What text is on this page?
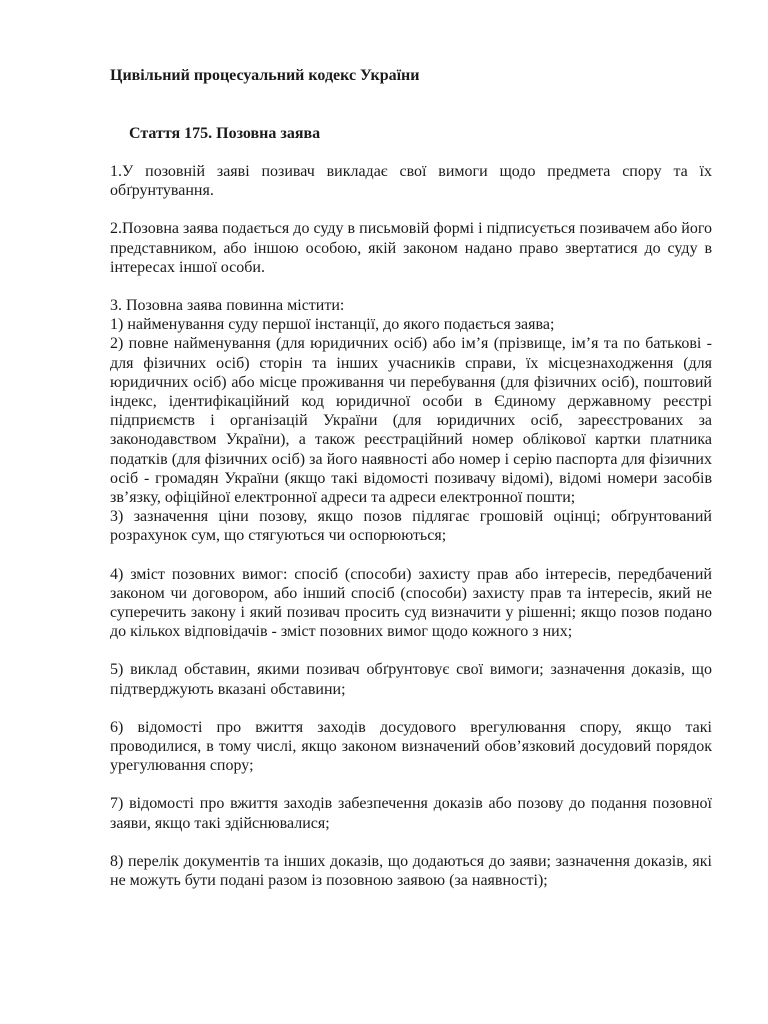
Цивільний процесуальний кодекс України

Стаття 175. Позовна заява

1.У позовній заяві позивач викладає свої вимоги щодо предмета спору та їх обґрунтування.

2.Позовна заява подається до суду в письмовій формі і підписується позивачем або його представником, або іншою особою, якій законом надано право звертатися до суду в інтересах іншої особи.

3. Позовна заява повинна містити:

1) найменування суду першої інстанції, до якого подається заява;

2) повне найменування (для юридичних осіб) або ім’я (прізвище, ім’я та по батькові - для фізичних осіб) сторін та інших учасників справи, їх місцезнаходження (для юридичних осіб) або місце проживання чи перебування (для фізичних осіб), поштовий індекс, ідентифікаційний код юридичної особи в Єдиному державному реєстрі підприємств і організацій України (для юридичних осіб, зареєстрованих за законодавством України), а також реєстраційний номер облікової картки платника податків (для фізичних осіб) за його наявності або номер і серію паспорта для фізичних осіб - громадян України (якщо такі відомості позивачу відомі), відомі номери засобів зв’язку, офіційної електронної адреси та адреси електронної пошти;

3) зазначення ціни позову, якщо позов підлягає грошовій оцінці; обґрунтований розрахунок сум, що стягуються чи оспорюються;

4) зміст позовних вимог: спосіб (способи) захисту прав або інтересів, передбачений законом чи договором, або інший спосіб (способи) захисту прав та інтересів, який не суперечить закону і який позивач просить суд визначити у рішенні; якщо позов подано до кількох відповідачів - зміст позовних вимог щодо кожного з них;

5) виклад обставин, якими позивач обґрунтовує свої вимоги; зазначення доказів, що підтверджують вказані обставини;

6) відомості про вжиття заходів досудового врегулювання спору, якщо такі проводилися, в тому числі, якщо законом визначений обов’язковий досудовий порядок урегулювання спору;

7) відомості про вжиття заходів забезпечення доказів або позову до подання позовної заяви, якщо такі здійснювалися;

8) перелік документів та інших доказів, що додаються до заяви; зазначення доказів, які не можуть бути подані разом із позовною заявою (за наявності);
